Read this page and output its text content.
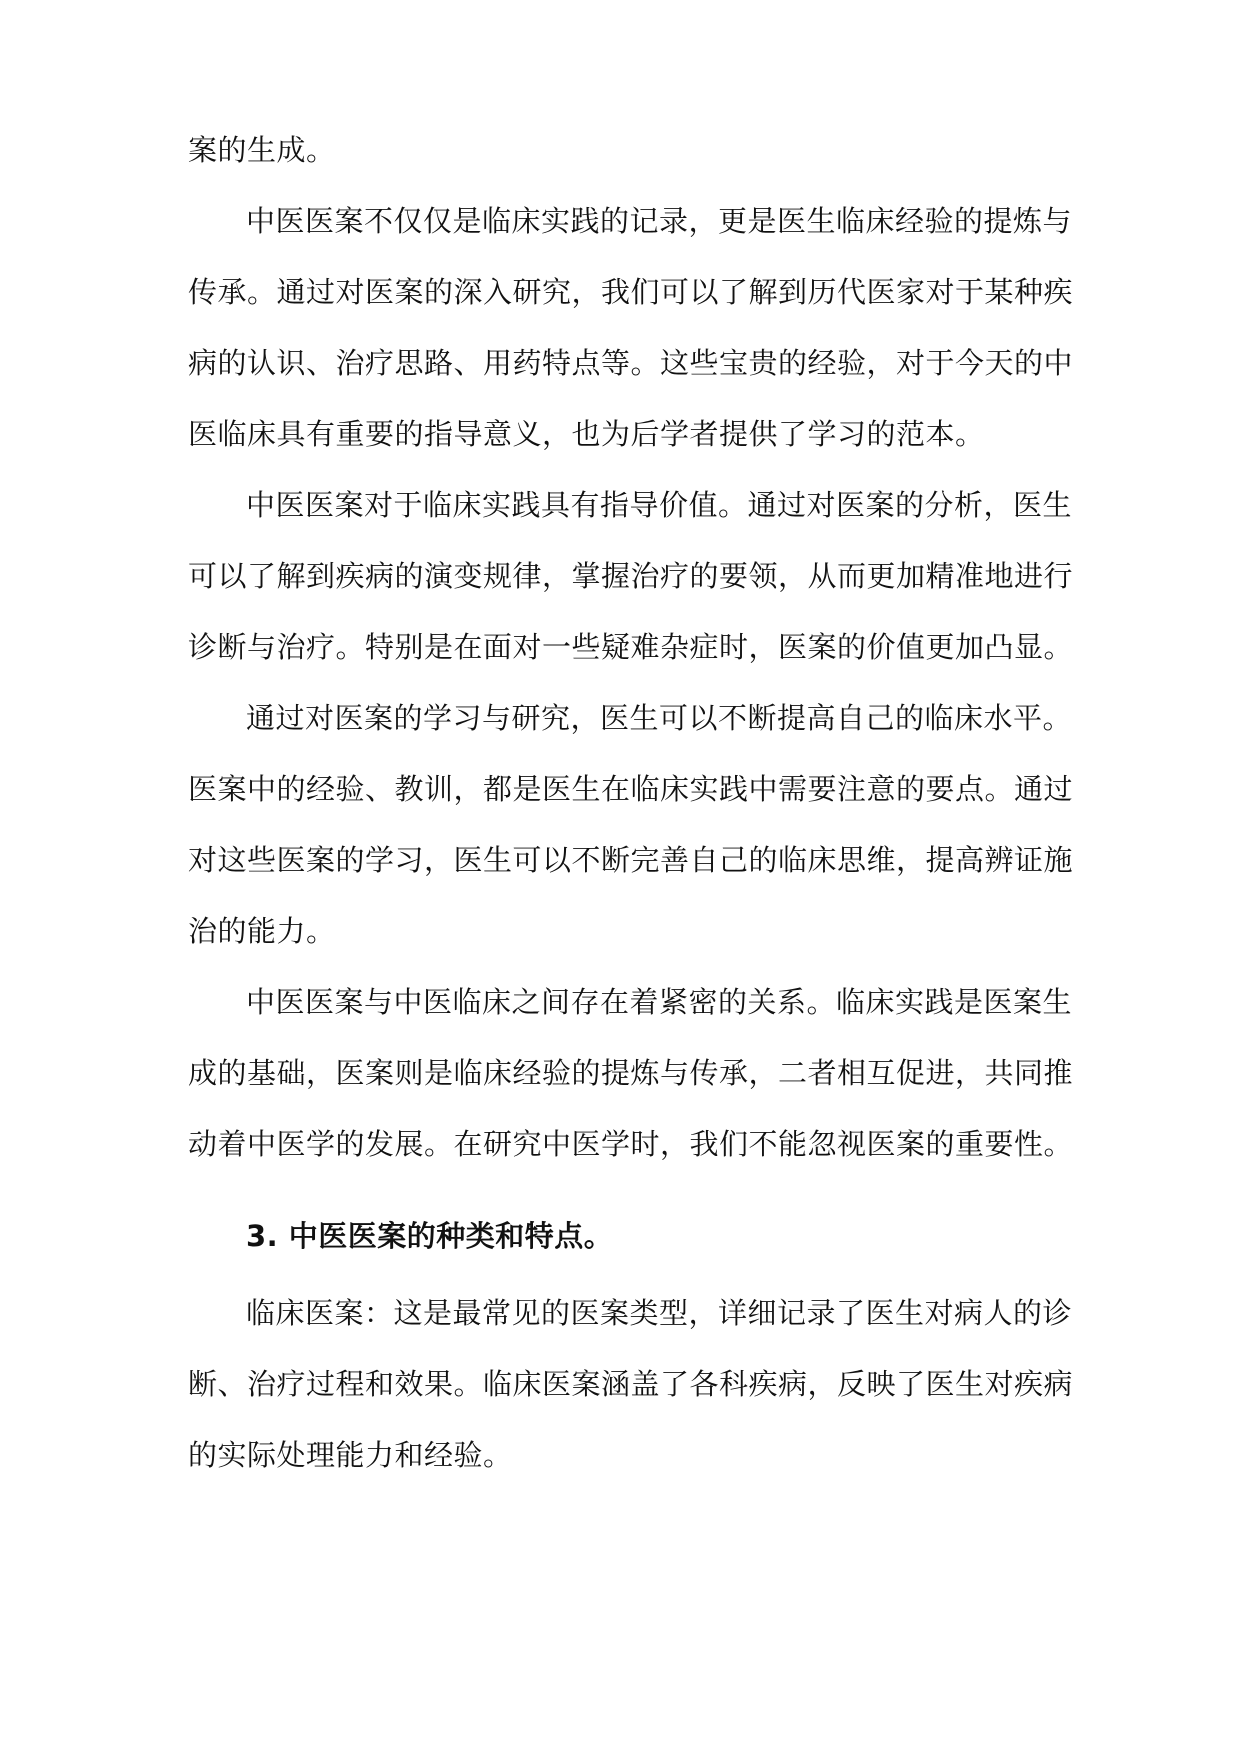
案的生成。
中医医案不仅仅是临床实践的记录，更是医生临床经验的提炼与
传承。通过对医案的深入研究，我们可以了解到历代医家对于某种疾
病的认识、治疗思路、用药特点等。这些宝贵的经验，对于今天的中
医临床具有重要的指导意义，也为后学者提供了学习的范本。
中医医案对于临床实践具有指导价值。通过对医案的分析，医生
可以了解到疾病的演变规律，掌握治疗的要领，从而更加精准地进行
诊断与治疗。特别是在面对一些疑难杂症时，医案的价值更加凸显。
通过对医案的学习与研究，医生可以不断提高自己的临床水平。
医案中的经验、教训，都是医生在临床实践中需要注意的要点。通过
对这些医案的学习，医生可以不断完善自己的临床思维，提高辨证施
治的能力。
中医医案与中医临床之间存在着紧密的关系。临床实践是医案生
成的基础，医案则是临床经验的提炼与传承，二者相互促进，共同推
动着中医学的发展。在研究中医学时，我们不能忽视医案的重要性。
3. 中医医案的种类和特点。
临床医案：这是最常见的医案类型，详细记录了医生对病人的诊
断、治疗过程和效果。临床医案涵盖了各科疾病，反映了医生对疾病
的实际处理能力和经验。
